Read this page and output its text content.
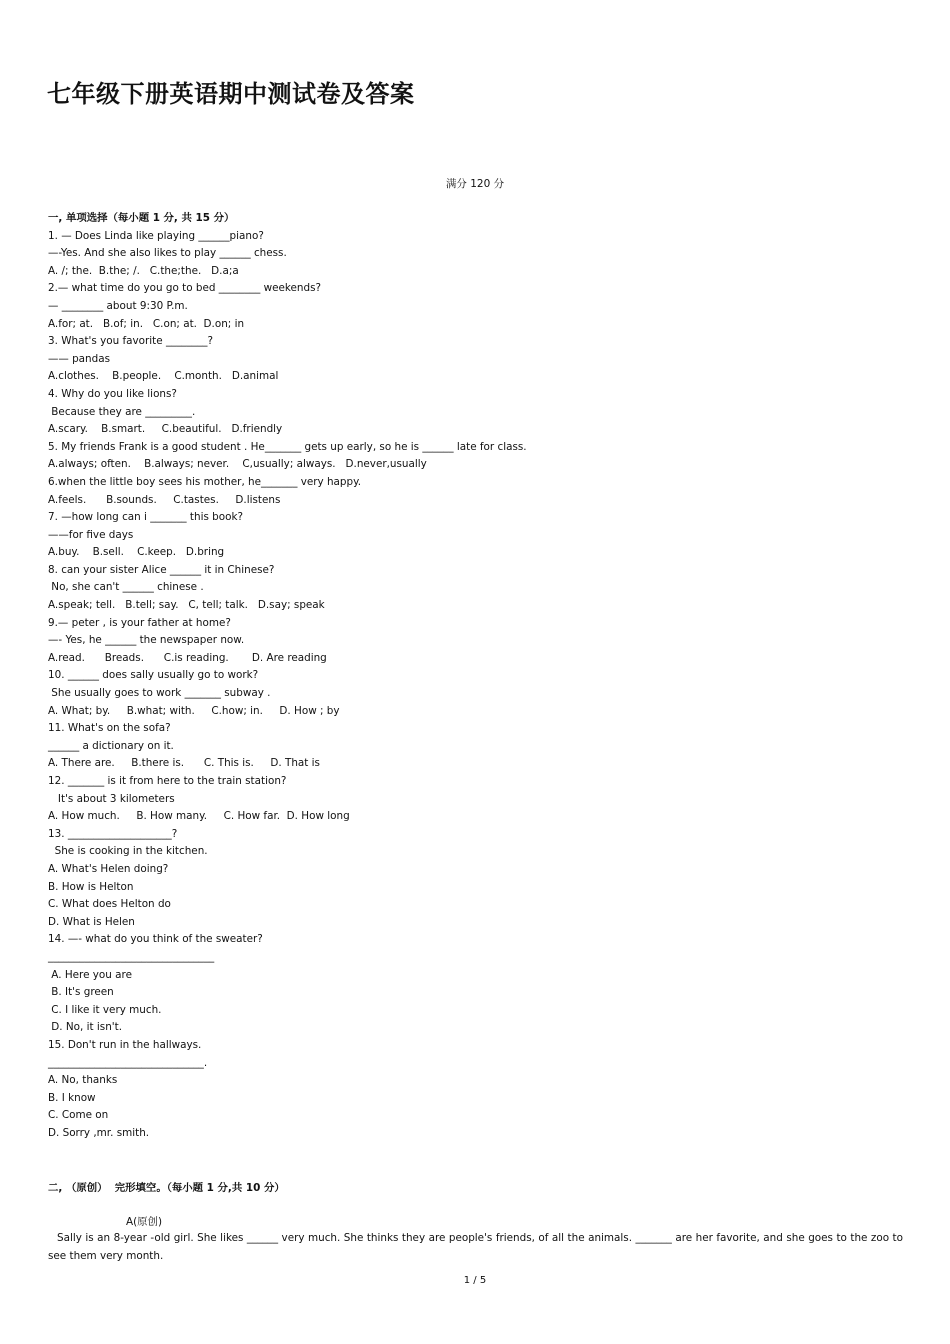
七年级下册英语期中测试卷及答案
满分 120 分
一, 单项选择（每小题 1 分, 共 15 分）
1. — Does Linda like playing ______piano?
—-Yes. And she also likes to play ______ chess.
A. /; the.  B.the; /.   C.the;the.   D.a;a
2.— what time do you go to bed ________ weekends?
— ________ about 9:30 P.m.
A.for; at.   B.of; in.   C.on; at.  D.on; in
3. What's you favorite ________?
—— pandas
A.clothes.    B.people.    C.month.   D.animal
4. Why do you like lions?
Because they are _________.
A.scary.    B.smart.     C.beautiful.   D.friendly
5. My friends Frank is a good student . He_______ gets up early, so he is ______ late for class.
A.always; often.    B.always; never.    C,usually; always.   D.never,usually
6.when the little boy sees his mother, he_______ very happy.
A.feels.      B.sounds.     C.tastes.     D.listens
7. —how long can i _______ this book?
——for five days
A.buy.    B.sell.    C.keep.   D.bring
8. can your sister Alice ______ it in Chinese?
No, she can't ______ chinese .
A.speak; tell.   B.tell; say.   C, tell; talk.   D.say; speak
9.— peter , is your father at home?
—- Yes, he ______ the newspaper now.
A.read.      Breads.      C.is reading.       D. Are reading
10. ______ does sally usually go to work?
She usually goes to work _______ subway .
A. What; by.     B.what; with.     C.how; in.     D. How ; by
11. What's on the sofa?
______ a dictionary on it.
A. There are.     B.there is.      C. This is.     D. That is
12. _______ is it from here to the train station?
It's about 3 kilometers
A. How much.     B. How many.     C. How far.  D. How long
13. ____________________?
She is cooking in the kitchen.
A. What's Helen doing?
B. How is Helton
C. What does Helton do
D. What is Helen
14. —- what do you think of the sweater?
________________________________
A. Here you are
B. It's green
C. I like it very much.
D. No, it isn't.
15. Don't run in the hallways.
______________________________.
A. No, thanks
B. I know
C. Come on
D. Sorry ,mr. smith.
二, （原创）  完形填空。（每小题 1 分,共 10 分）
A(原创)

Sally is an 8-year -old girl. She likes ______ very much. She thinks they are people's friends, of all the animals. _______ are her favorite, and she goes to the zoo to see them very month.

1 / 5
